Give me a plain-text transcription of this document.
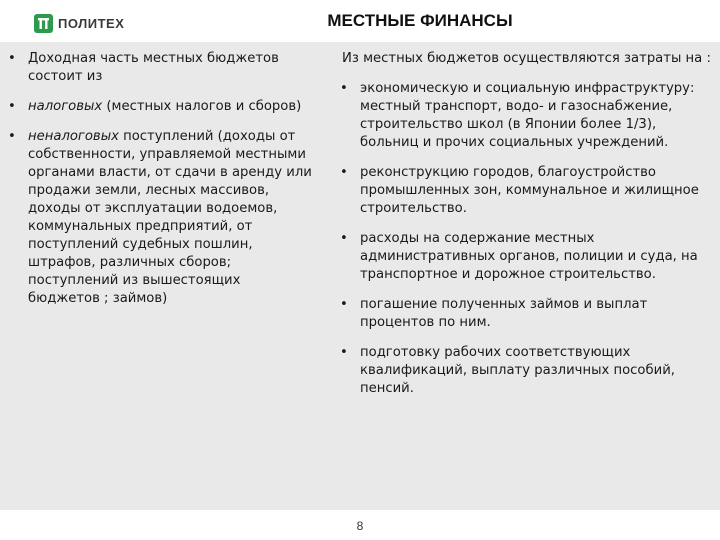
ПОЛИТЕХ	МЕСТНЫЕ ФИНАНСЫ
• Доходная часть местных бюджетов состоит из
• налоговых (местных налогов и сборов)
• неналоговых поступлений (доходы от собственности, управляемой местными органами власти, от сдачи в аренду или продажи земли, лесных массивов, доходы от эксплуатации водоемов, коммунальных предприятий, от поступлений судебных пошлин, штрафов, различных сборов; поступлений из вышестоящих бюджетов ; займов)
Из местных бюджетов осуществляются затраты на :
• экономическую и социальную инфраструктуру: местный транспорт, водо- и газоснабжение, строительство школ (в Японии более 1/3), больниц и прочих социальных учреждений.
• реконструкцию городов, благоустройство промышленных зон, коммунальное и жилищное строительство.
• расходы на содержание местных административных органов, полиции и суда, на транспортное и дорожное строительство.
• погашение полученных займов и выплат процентов по ним.
• подготовку рабочих соответствующих квалификаций, выплату различных пособий, пенсий.
8
